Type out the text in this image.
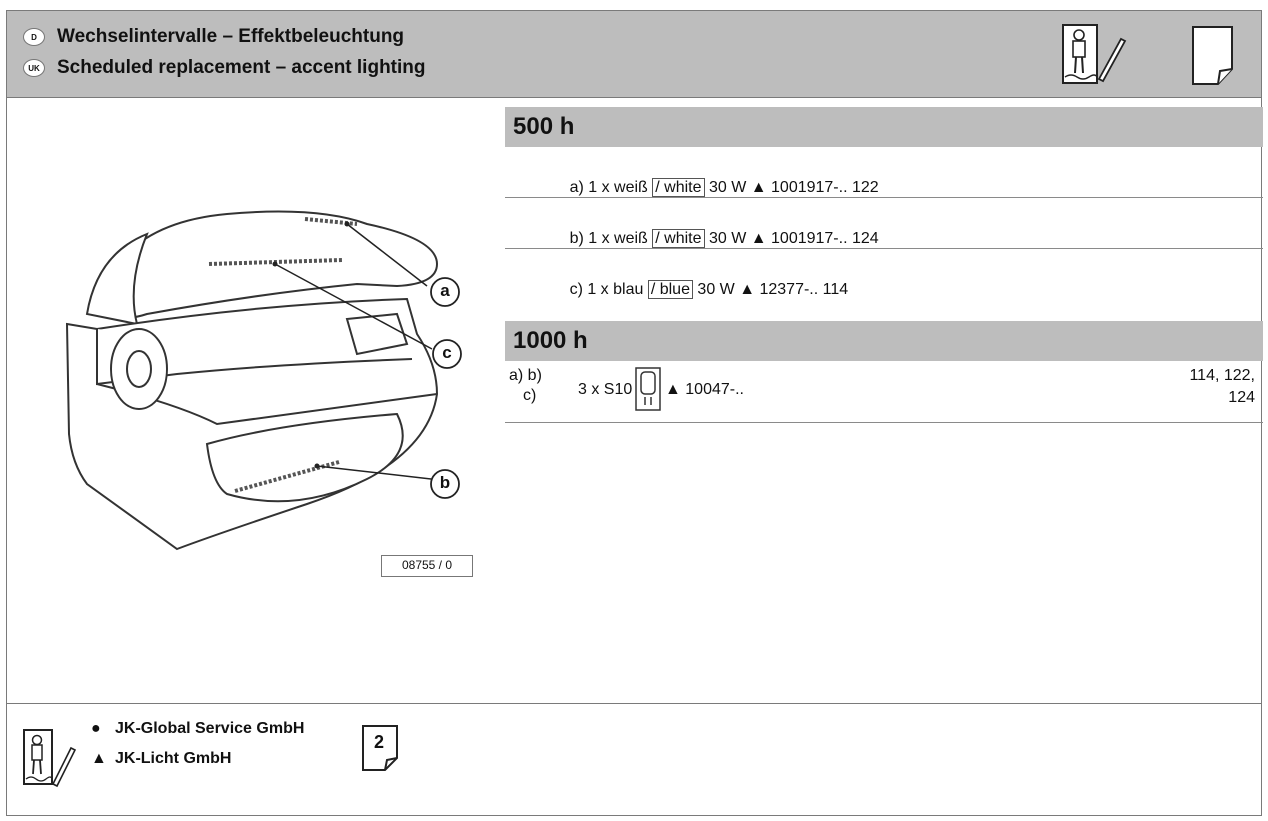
D	Wechselintervalle – Effektbeleuchtung
UK Scheduled replacement – accent lighting
a
c
b
08755 / 0
500 h

a) 1 x weiß / white 30 W ▲ 1001917-.. 122

b) 1 x weiß / white 30 W ▲ 1001917-.. 124

c) 1 x blau / blue 30 W ▲ 12377-.. 114

1000 h
a) b)
c)	3 x S10 ▲ 10047-..
114, 122,
124
● JK-Global Service GmbH
▲ JK-Licht GmbH
2
